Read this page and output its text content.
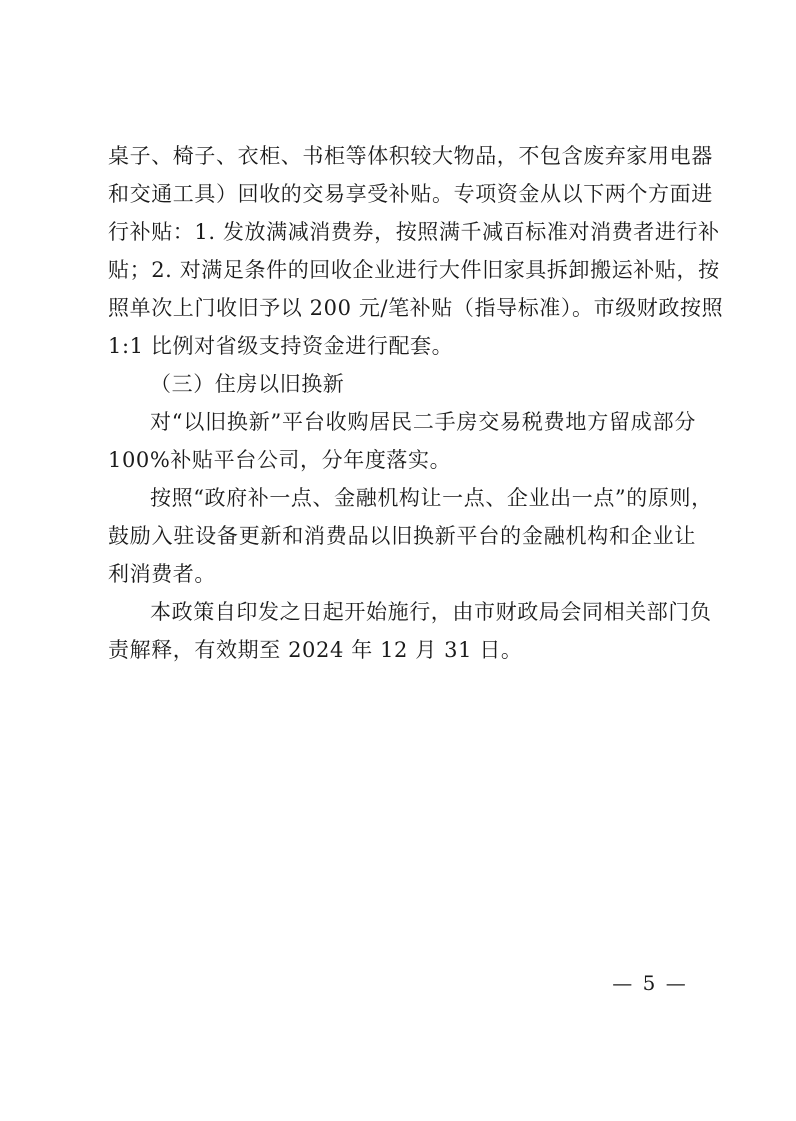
桌子、椅子、衣柜、书柜等体积较大物品，不包含废弃家用电器
和交通工具）回收的交易享受补贴。专项资金从以下两个方面进
行补贴：1. 发放满减消费券，按照满千减百标准对消费者进行补
贴；2. 对满足条件的回收企业进行大件旧家具拆卸搬运补贴，按
照单次上门收旧予以 200 元/笔补贴（指导标准）。市级财政按照
1:1 比例对省级支持资金进行配套。
（三）住房以旧换新
对“以旧换新”平台收购居民二手房交易税费地方留成部分
100%补贴平台公司，分年度落实。
按照“政府补一点、金融机构让一点、企业出一点”的原则，
鼓励入驻设备更新和消费品以旧换新平台的金融机构和企业让
利消费者。
本政策自印发之日起开始施行，由市财政局会同相关部门负
责解释，有效期至 2024 年 12 月 31 日。
— 5 —
